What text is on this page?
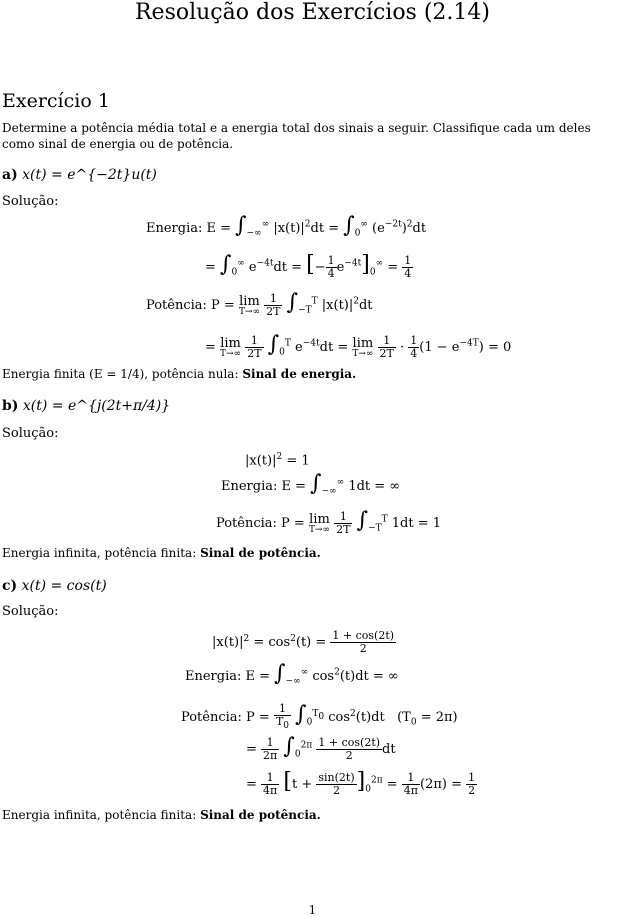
Resolução dos Exercícios (2.14)
Exercício 1
Determine a potência média total e a energia total dos sinais a seguir. Classifique cada um deles como sinal de energia ou de potência.
a) x(t) = e^{−2t}u(t)
Solução:
Energia: $E = \int_{-\infty}^\infty$ $|x(t)|^2dt = \int_0^\infty$ $(e^{-2t})^2dt$
= $\int_0^\infty$ $e^{-4t}dt$ = [− $\frac{1}{4} e^{-4t}]_0^\infty = \frac{1}{4}$
Potência: P = lim
T→∞
$\frac{1}{2T} \int_{-T}^T$ $|x(t)|^2dt$
= lim
T→∞
$\frac{1}{2T} \int_0^T$ $e^{-4t}dt = \lim$
T→∞
$\frac{1}{2T} \cdot \frac{1}{4} (1 - e^{-4T}) = 0$
Energia finita (E = 1/4), potência nula: Sinal de energia.
b) x(t) = e^{j(2t+π/4)}
Solução:
$|x(t)|^2 = 1$
Energia: $E = \int_{-\infty}^\infty$ 1dt = ∞
Potência: P = lim
T→∞
$\frac{1}{2T} \int_{-T}^T$ 1dt = 1
Energia infinita, potência finita: Sinal de potência.
c) x(t) = cos(t)
Solução:
$|x(t)|^2 = \cos^2(t) = \frac{1 + \cos(2t)}{2}$
Energia: $E = \int_{-\infty}^\infty$ $\cos^2(t)dt$ = ∞
Potência: $P = \frac{1}{T_0} \int_0^{T_0}$ $\cos^2(t)dt$   $(T_0 = 2\pi)$
= $\frac{1}{2\pi} \int_0^{2\pi} \frac{1 + \cos(2t)}{2}$ dt
= $\frac{1}{4\pi} [t + \frac{\sin(2t)}{2} ]_0^{2\pi} = \frac{1}{4\pi} (2\pi) = \frac{1}{2}$
Energia infinita, potência finita: Sinal de potência.
1
